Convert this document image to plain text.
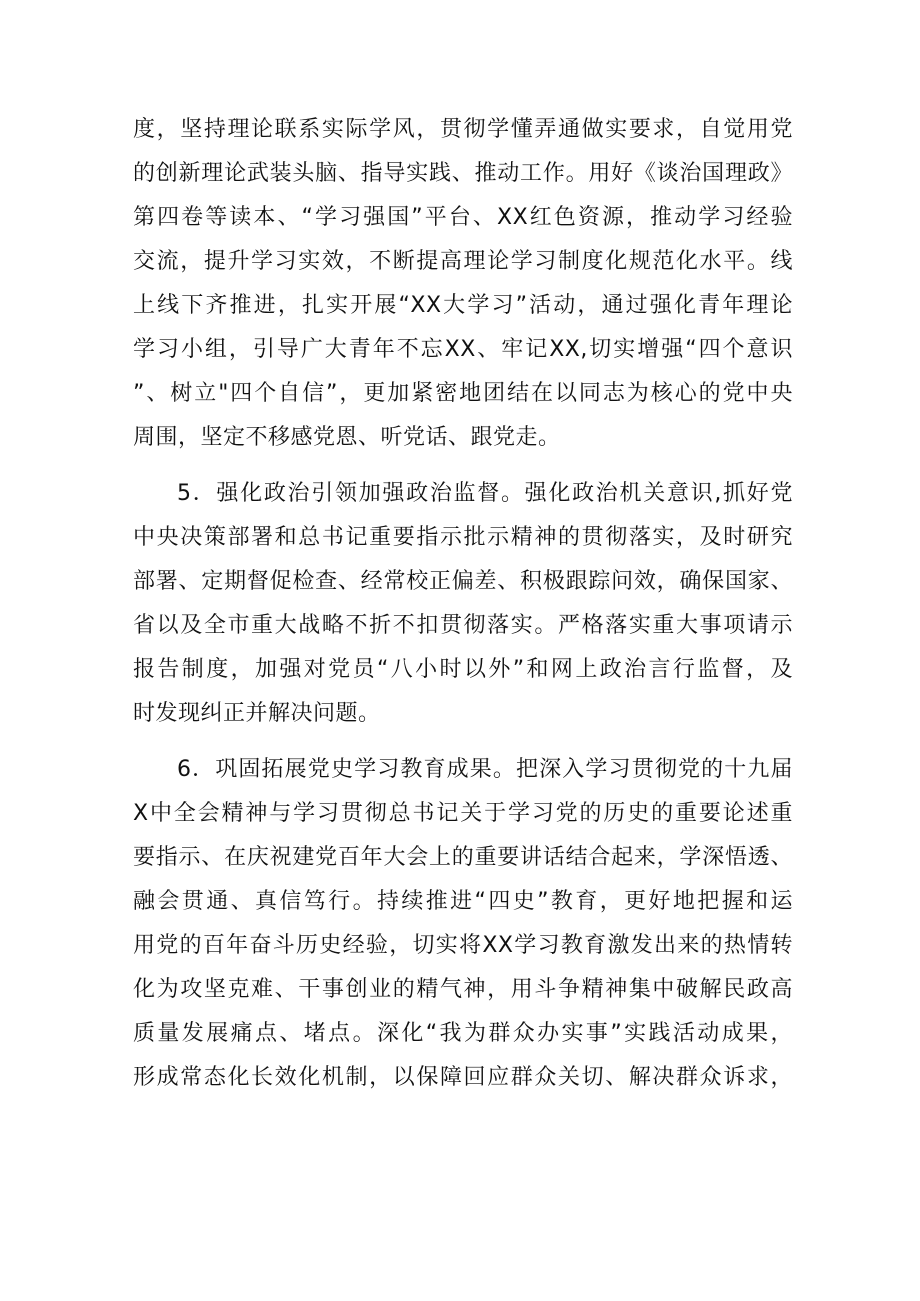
度，坚持理论联系实际学风，贯彻学懂弄通做实要求，自觉用党
的创新理论武装头脑、指导实践、推动工作。用好《谈治国理政》
第四卷等读本、“学习强国”平台、XX红色资源，推动学习经验
交流，提升学习实效，不断提高理论学习制度化规范化水平。线
上线下齐推进，扎实开展“XX大学习”活动，通过强化青年理论
学习小组，引导广大青年不忘XX、牢记XX,切实增强“四个意识
”、树立"四个自信”，更加紧密地团结在以同志为核心的党中央
周围，坚定不移感党恩、听党话、跟党走。
5．强化政治引领加强政治监督。强化政治机关意识,抓好党
中央决策部署和总书记重要指示批示精神的贯彻落实，及时研究
部署、定期督促检查、经常校正偏差、积极跟踪问效，确保国家、
省以及全市重大战略不折不扣贯彻落实。严格落实重大事项请示
报告制度，加强对党员“八小时以外”和网上政治言行监督，及
时发现纠正并解决问题。
6．巩固拓展党史学习教育成果。把深入学习贯彻党的十九届
X中全会精神与学习贯彻总书记关于学习党的历史的重要论述重
要指示、在庆祝建党百年大会上的重要讲话结合起来，学深悟透、
融会贯通、真信笃行。持续推进“四史”教育，更好地把握和运
用党的百年奋斗历史经验，切实将XX学习教育激发出来的热情转
化为攻坚克难、干事创业的精气神，用斗争精神集中破解民政高
质量发展痛点、堵点。深化“我为群众办实事”实践活动成果，
形成常态化长效化机制，以保障回应群众关切、解决群众诉求，
